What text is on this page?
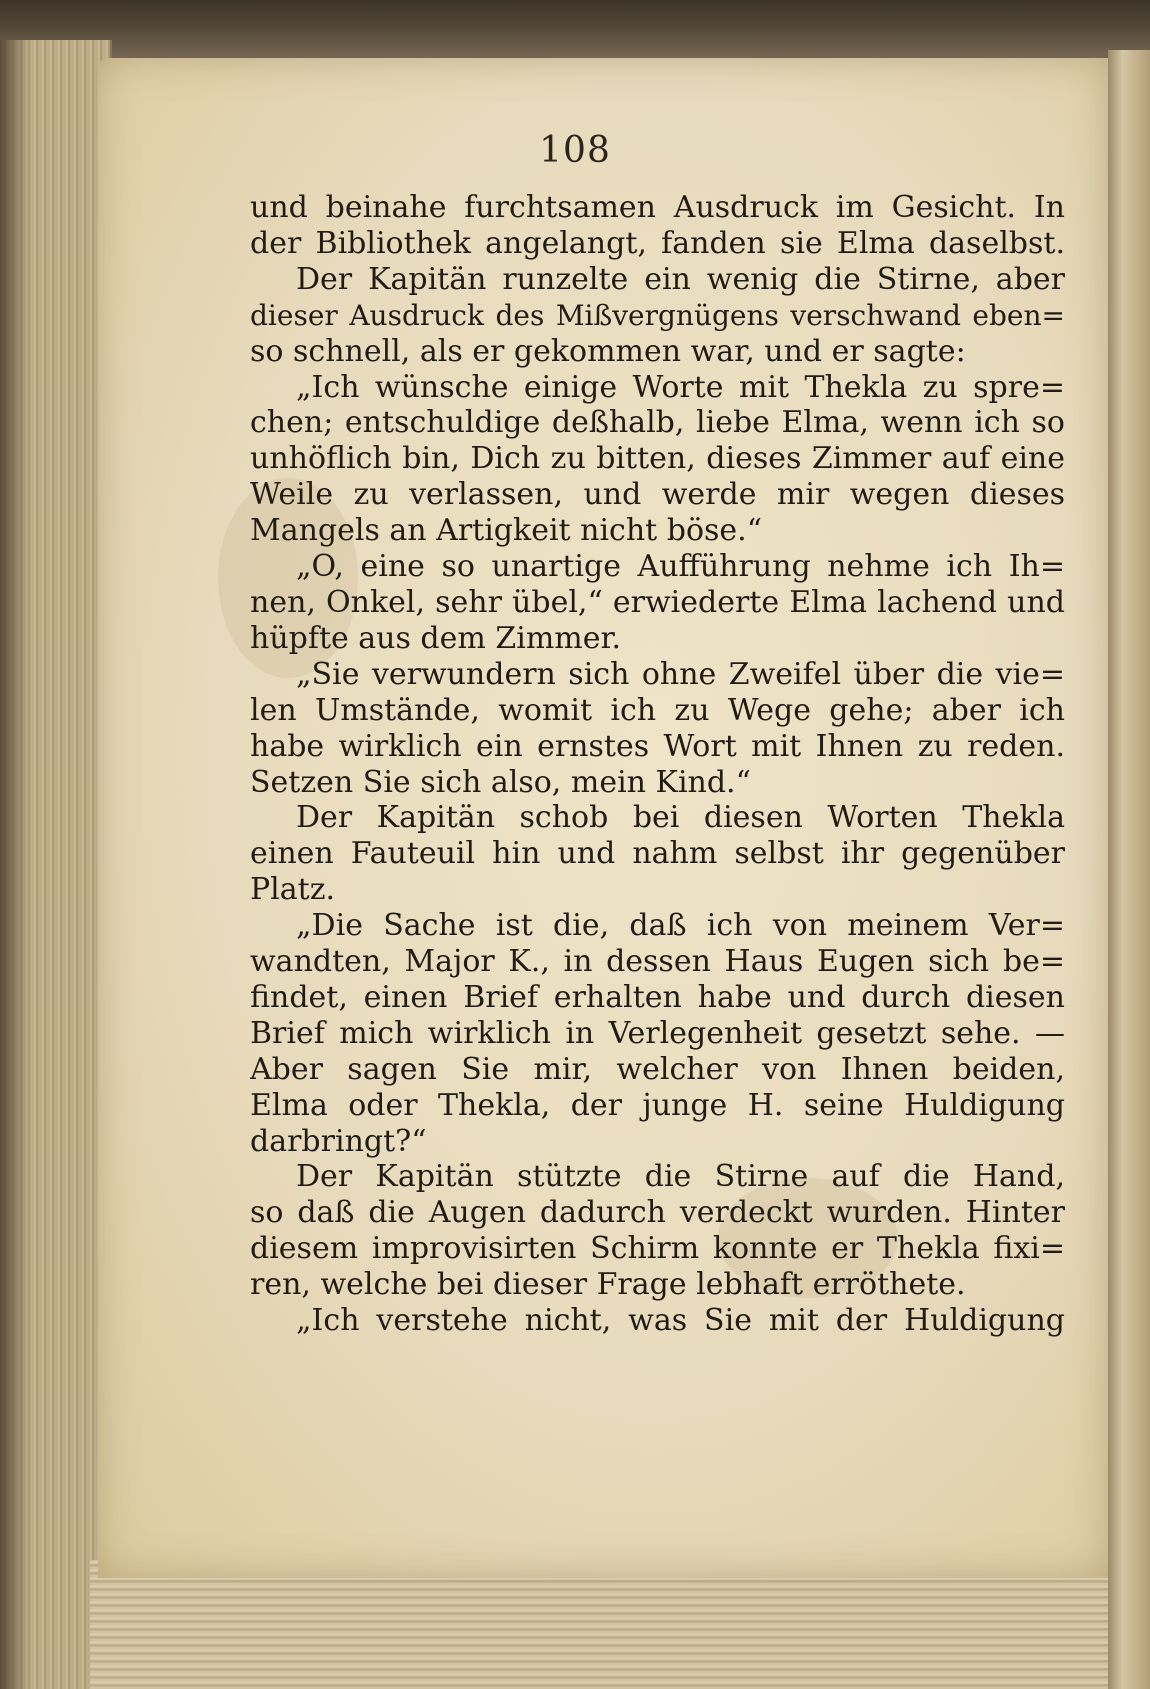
108
und beinahe furchtsamen Ausdruck im Gesicht. In
der Bibliothek angelangt, fanden sie Elma daselbst.
Der Kapitän runzelte ein wenig die Stirne, aber
dieser Ausdruck des Mißvergnügens verschwand eben=
so schnell, als er gekommen war, und er sagte:
„Ich wünsche einige Worte mit Thekla zu spre=
chen; entschuldige deßhalb, liebe Elma, wenn ich so
unhöflich bin, Dich zu bitten, dieses Zimmer auf eine
Weile zu verlassen, und werde mir wegen dieses
Mangels an Artigkeit nicht böse.“
„O, eine so unartige Aufführung nehme ich Ih=
nen, Onkel, sehr übel,“ erwiederte Elma lachend und
hüpfte aus dem Zimmer.
„Sie verwundern sich ohne Zweifel über die vie=
len Umstände, womit ich zu Wege gehe; aber ich
habe wirklich ein ernstes Wort mit Ihnen zu reden.
Setzen Sie sich also, mein Kind.“
Der Kapitän schob bei diesen Worten Thekla
einen Fauteuil hin und nahm selbst ihr gegenüber
Platz.
„Die Sache ist die, daß ich von meinem Ver=
wandten, Major K., in dessen Haus Eugen sich be=
findet, einen Brief erhalten habe und durch diesen
Brief mich wirklich in Verlegenheit gesetzt sehe. —
Aber sagen Sie mir, welcher von Ihnen beiden,
Elma oder Thekla, der junge H. seine Huldigung
darbringt?“
Der Kapitän stützte die Stirne auf die Hand,
so daß die Augen dadurch verdeckt wurden. Hinter
diesem improvisirten Schirm konnte er Thekla fixi=
ren, welche bei dieser Frage lebhaft erröthete.
„Ich verstehe nicht, was Sie mit der Huldigung
